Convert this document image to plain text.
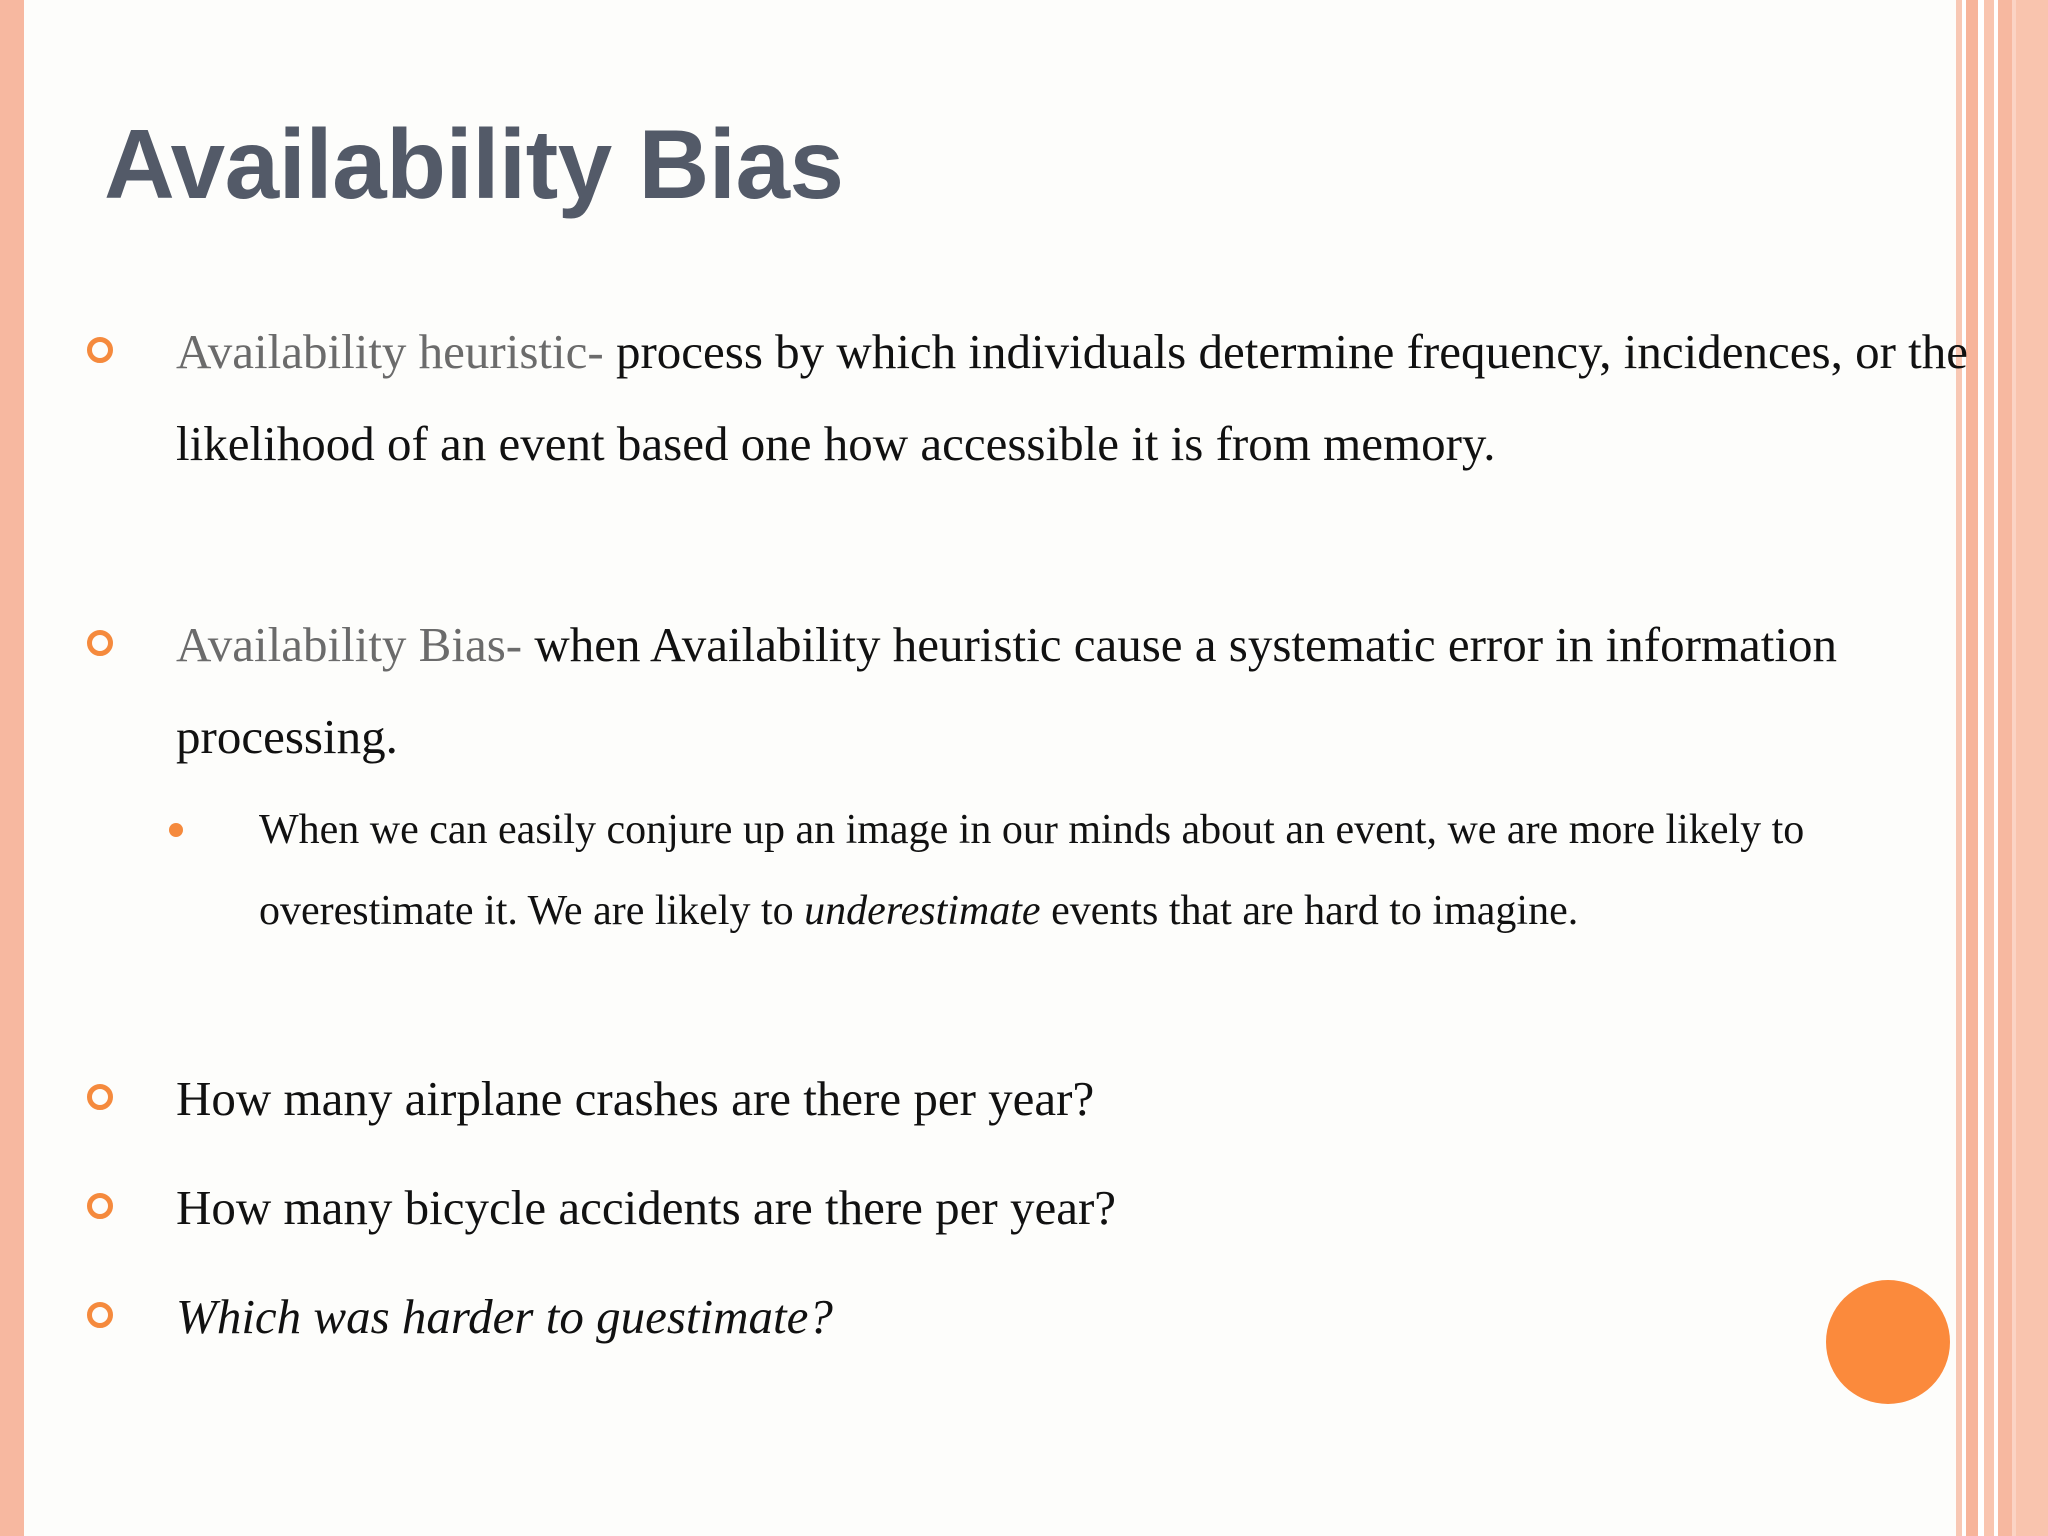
Availability Bias
Availability heuristic- process by which individuals determine frequency, incidences, or the likelihood of an event based one how accessible it is from memory.
Availability Bias- when Availability heuristic cause a systematic error in information processing.
When we can easily conjure up an image in our minds about an event, we are more likely to overestimate it. We are likely to underestimate events that are hard to imagine.
How many airplane crashes are there per year?
How many bicycle accidents are there per year?
Which was harder to guestimate?
